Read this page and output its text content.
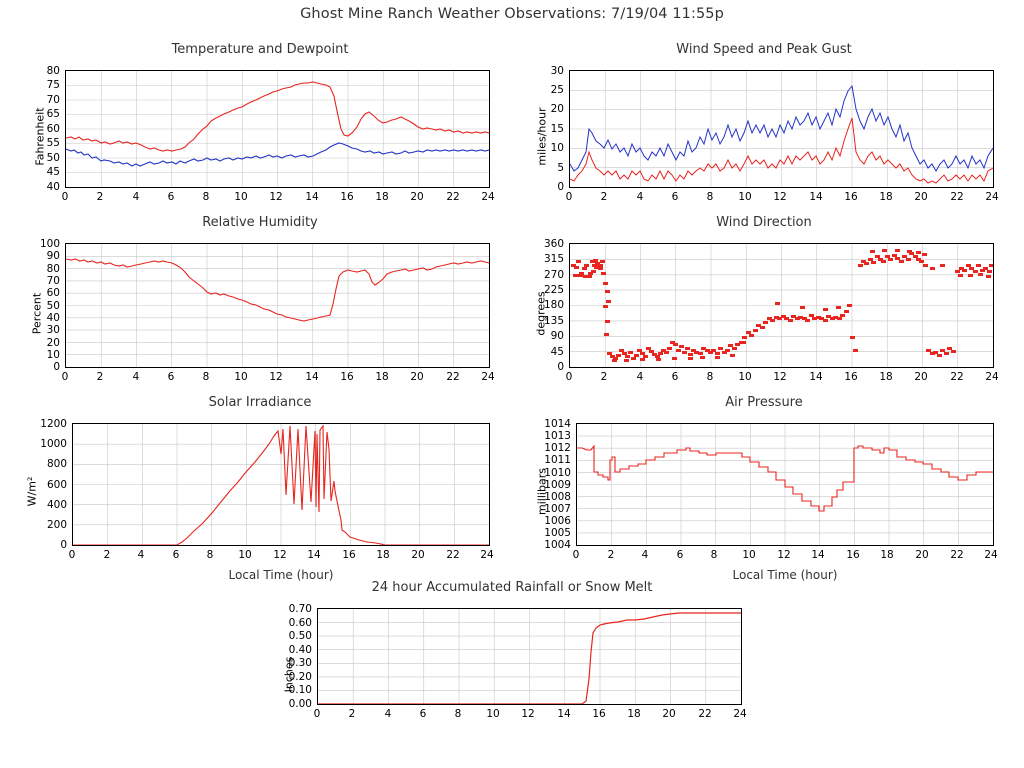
Ghost Mine Ranch Weather Observations: 7/19/04 11:55p
Temperature and Dewpoint
Fahrenheit
80
75
70
65
60
55
50
45
40
0	2	4	6	8	10	12	14	16	18	20	22	24
Wind Speed and Peak Gust
miles/hour
30
25
20
15
10
5
0
0	2	4	6	8	10	12	14	16	18	20	22	24
Relative Humidity
Percent
100
90
80
70
60
50
40
30
20
10
0
0	2	4	6	8	10	12	14	16	18	20	22	24
Wind Direction
degrees
360
315
270
225
180
135
90
45
0
0	2	4	6	8	10	12	14	16	18	20	22	24
Solar Irradiance
W/m²
1200
1000
800
600
400
200
0
0	2	4	6	8	10	12	14	16	18	20	22	24
Local Time (hour)
Air Pressure
millibars
1014
1013
1012
1011
1010
1009
1008
1007
1006
1005
1004
0	2	4	6	8	10	12	14	16	18	20	22	24
Local Time (hour)
24 hour Accumulated Rainfall or Snow Melt
Inches
0.70
0.60
0.50
0.40
0.30
0.20
0.10
0.00
0	2	4	6	8	10	12	14	16	18	20	22	24
